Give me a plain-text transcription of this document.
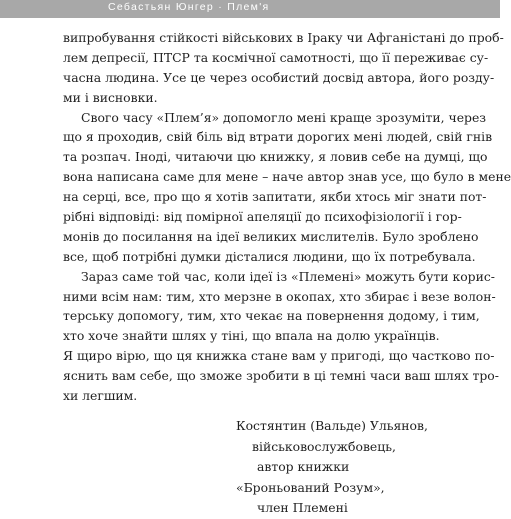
Себастьян Юнгер · Плем'я
випробування стійкості військових в Іраку чи Афганістані до проб-
лем депресії, ПТСР та космічної самотності, що її переживає су-
часна людина. Усе це через особистий досвід автора, його розду-
ми і висновки.
Свого часу «Плем’я» допомогло мені краще зрозуміти, через
що я проходив, свій біль від втрати дорогих мені людей, свій гнів
та розпач. Іноді, читаючи цю книжку, я ловив себе на думці, що
вона написана саме для мене – наче автор знав усе, що було в мене
на серці, все, про що я хотів запитати, якби хтось міг знати пот-
рібні відповіді: від помірної апеляції до психофізіології і гор-
монів до посилання на ідеї великих мислителів. Було зроблено
все, щоб потрібні думки дісталися людини, що їх потребувала.
Зараз саме той час, коли ідеї із «Племені» можуть бути корис-
ними всім нам: тим, хто мерзне в окопах, хто збирає і везе волон-
терську допомогу, тим, хто чекає на повернення додому, і тим,
хто хоче знайти шлях у тіні, що впала на долю українців.
Я щиро вірю, що ця книжка стане вам у пригоді, що частково по-
яснить вам себе, що зможе зробити в ці темні часи ваш шлях тро-
хи легшим.
Костянтин (Вальде) Ульянов,
військовослужбовець,
автор книжки
«Броньований Розум»,
член Племені
